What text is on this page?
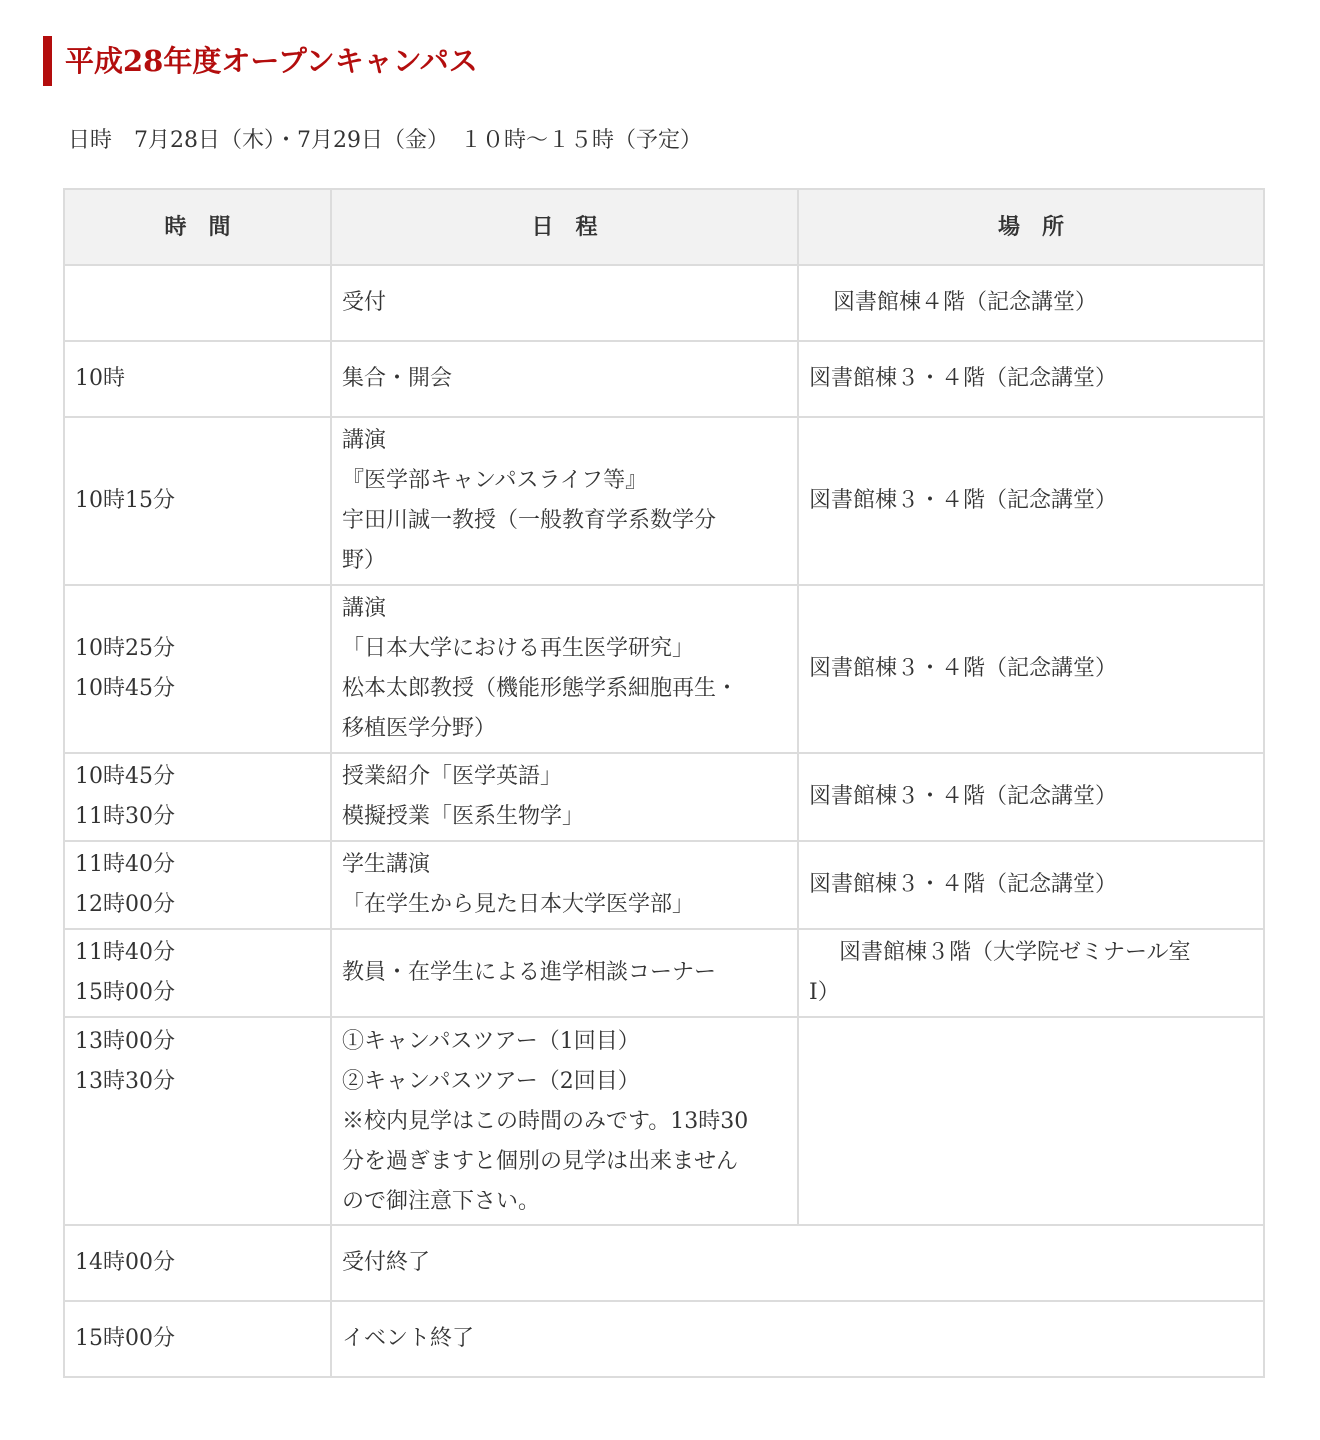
平成28年度オープンキャンパス
日時　7月28日（木）・7月29日（金）　１０時〜１５時（予定）
時　間	日　程	場　所

	受付	図書館棟４階（記念講堂）

10時	集合・開会	図書館棟３・４階（記念講堂）

10時15分	講演
『医学部キャンパスライフ等』
宇田川誠一教授（一般教育学系数学分
野）	図書館棟３・４階（記念講堂）

10時25分
10時45分	講演
「日本大学における再生医学研究」
松本太郎教授（機能形態学系細胞再生・
移植医学分野）	図書館棟３・４階（記念講堂）

10時45分
11時30分	授業紹介「医学英語」
模擬授業「医系生物学」	図書館棟３・４階（記念講堂）

11時40分
12時00分	学生講演
「在学生から見た日本大学医学部」	図書館棟３・４階（記念講堂）

11時40分
15時00分	教員・在学生による進学相談コーナー	図書館棟３階（大学院ゼミナール室
Ⅰ）

13時00分
13時30分	①キャンパスツアー（1回目）
②キャンパスツアー（2回目）
※校内見学はこの時間のみです。13時30
分を過ぎますと個別の見学は出来ません
ので御注意下さい。	

14時00分	受付終了	

15時00分	イベント終了	
